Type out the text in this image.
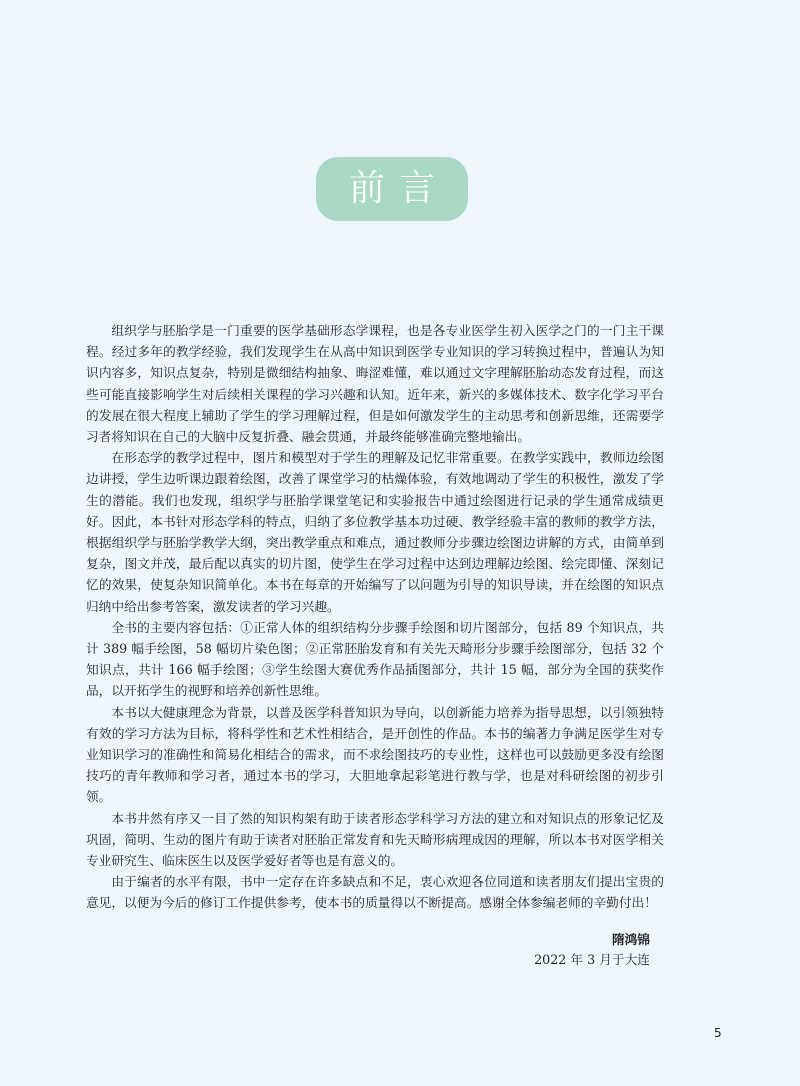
前言

组织学与胚胎学是一门重要的医学基础形态学课程，也是各专业医学生初入医学之门的一门主干课程。经过多年的教学经验，我们发现学生在从高中知识到医学专业知识的学习转换过程中，普遍认为知识内容多，知识点复杂，特别是微细结构抽象、晦涩难懂，难以通过文字理解胚胎动态发育过程，而这些可能直接影响学生对后续相关课程的学习兴趣和认知。近年来，新兴的多媒体技术、数字化学习平台的发展在很大程度上辅助了学生的学习理解过程，但是如何激发学生的主动思考和创新思维，还需要学习者将知识在自己的大脑中反复折叠、融会贯通，并最终能够准确完整地输出。

在形态学的教学过程中，图片和模型对于学生的理解及记忆非常重要。在教学实践中，教师边绘图边讲授，学生边听课边跟着绘图，改善了课堂学习的枯燥体验，有效地调动了学生的积极性，激发了学生的潜能。我们也发现，组织学与胚胎学课堂笔记和实验报告中通过绘图进行记录的学生通常成绩更好。因此，本书针对形态学科的特点，归纳了多位教学基本功过硬、教学经验丰富的教师的教学方法，根据组织学与胚胎学教学大纲，突出教学重点和难点，通过教师分步骤边绘图边讲解的方式，由简单到复杂，图文并茂，最后配以真实的切片图，使学生在学习过程中达到边理解边绘图、绘完即懂、深刻记忆的效果，使复杂知识简单化。本书在每章的开始编写了以问题为引导的知识导读，并在绘图的知识点归纳中给出参考答案，激发读者的学习兴趣。

全书的主要内容包括：①正常人体的组织结构分步骤手绘图和切片图部分，包括 89 个知识点，共计 389 幅手绘图，58 幅切片染色图；②正常胚胎发育和有关先天畸形分步骤手绘图部分，包括 32 个知识点，共计 166 幅手绘图；③学生绘图大赛优秀作品插图部分，共计 15 幅，部分为全国的获奖作品，以开拓学生的视野和培养创新性思维。

本书以大健康理念为背景，以普及医学科普知识为导向，以创新能力培养为指导思想，以引领独特有效的学习方法为目标，将科学性和艺术性相结合，是开创性的作品。本书的编著力争满足医学生对专业知识学习的准确性和简易化相结合的需求，而不求绘图技巧的专业性，这样也可以鼓励更多没有绘图技巧的青年教师和学习者，通过本书的学习，大胆地拿起彩笔进行教与学，也是对科研绘图的初步引领。

本书井然有序又一目了然的知识构架有助于读者形态学科学习方法的建立和对知识点的形象记忆及巩固，简明、生动的图片有助于读者对胚胎正常发育和先天畸形病理成因的理解，所以本书对医学相关专业研究生、临床医生以及医学爱好者等也是有意义的。

由于编者的水平有限，书中一定存在许多缺点和不足，衷心欢迎各位同道和读者朋友们提出宝贵的意见，以便为今后的修订工作提供参考，使本书的质量得以不断提高。感谢全体参编老师的辛勤付出！

隋鸿锦
2022 年 3 月于大连
5
